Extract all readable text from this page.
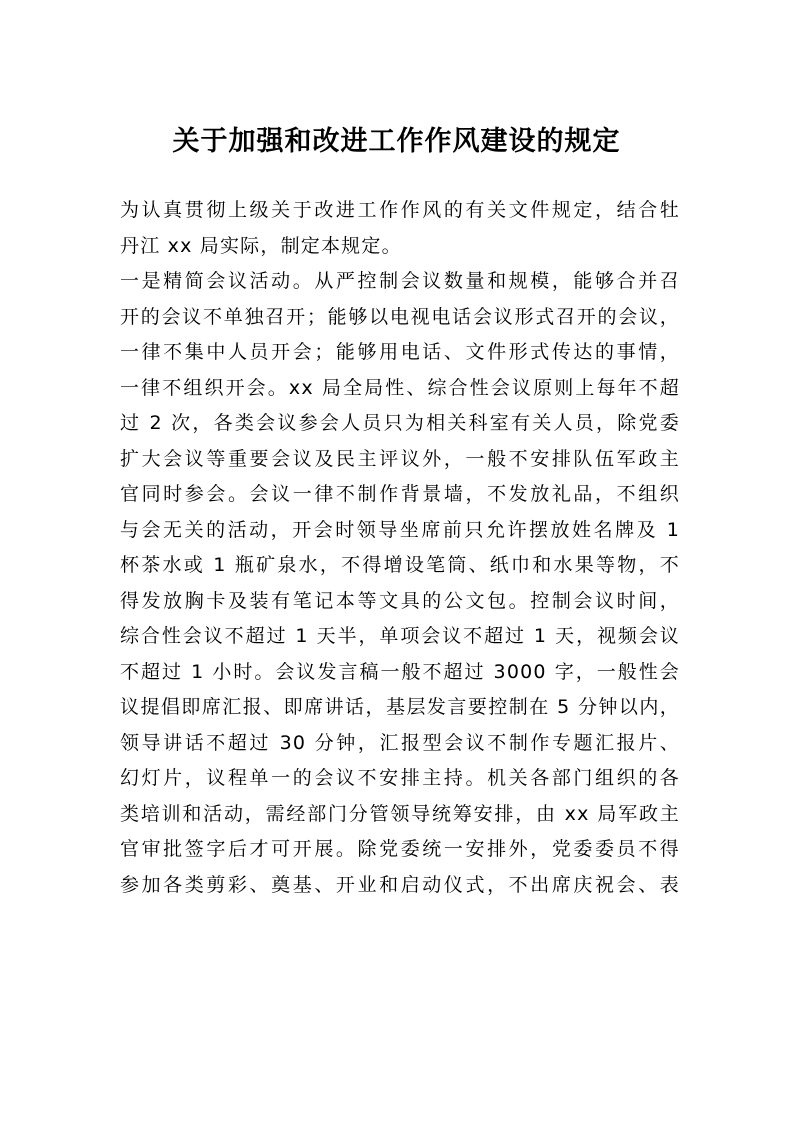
关于加强和改进工作作风建设的规定
为认真贯彻上级关于改进工作作风的有关文件规定，结合牡
丹江 xx 局实际，制定本规定。
一是精简会议活动。从严控制会议数量和规模，能够合并召
开的会议不单独召开；能够以电视电话会议形式召开的会议，
一律不集中人员开会；能够用电话、文件形式传达的事情，
一律不组织开会。xx 局全局性、综合性会议原则上每年不超
过 2 次，各类会议参会人员只为相关科室有关人员，除党委
扩大会议等重要会议及民主评议外，一般不安排队伍军政主
官同时参会。会议一律不制作背景墙，不发放礼品，不组织
与会无关的活动，开会时领导坐席前只允许摆放姓名牌及 1
杯茶水或 1 瓶矿泉水，不得增设笔筒、纸巾和水果等物，不
得发放胸卡及装有笔记本等文具的公文包。控制会议时间，
综合性会议不超过 1 天半，单项会议不超过 1 天，视频会议
不超过 1 小时。会议发言稿一般不超过 3000 字，一般性会
议提倡即席汇报、即席讲话，基层发言要控制在 5 分钟以内，
领导讲话不超过 30 分钟，汇报型会议不制作专题汇报片、
幻灯片，议程单一的会议不安排主持。机关各部门组织的各
类培训和活动，需经部门分管领导统筹安排，由 xx 局军政主
官审批签字后才可开展。除党委统一安排外，党委委员不得
参加各类剪彩、奠基、开业和启动仪式，不出席庆祝会、表
